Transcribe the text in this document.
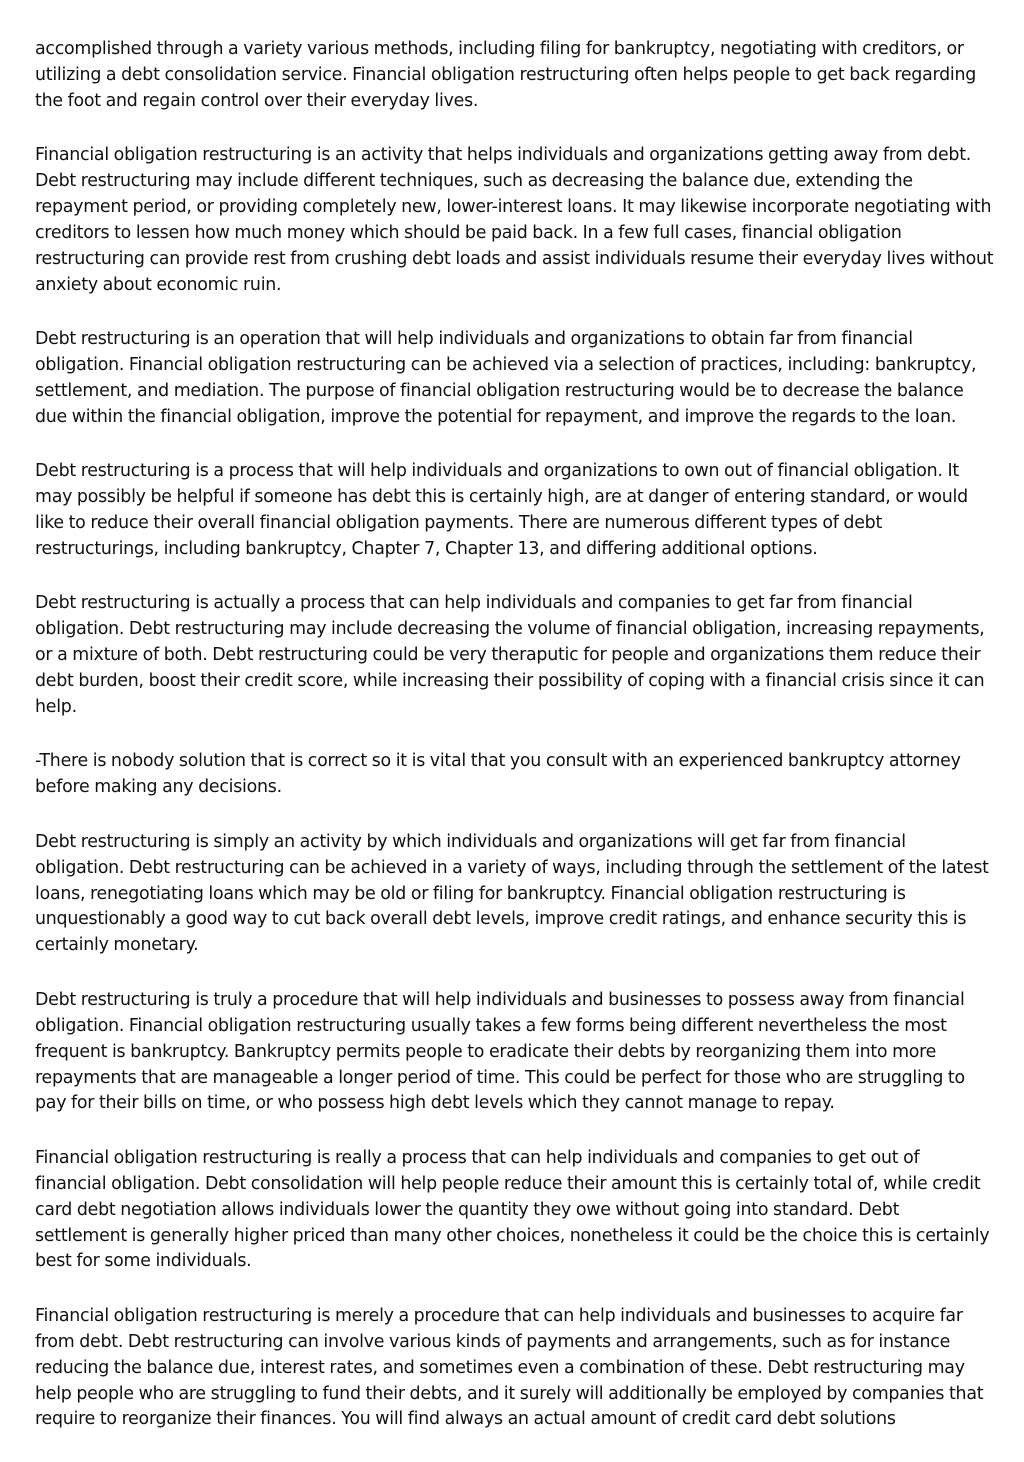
accomplished through a variety various methods, including filing for bankruptcy, negotiating with creditors, or utilizing a debt consolidation service. Financial obligation restructuring often helps people to get back regarding the foot and regain control over their everyday lives.

Financial obligation restructuring is an activity that helps individuals and organizations getting away from debt. Debt restructuring may include different techniques, such as decreasing the balance due, extending the repayment period, or providing completely new, lower-interest loans. It may likewise incorporate negotiating with creditors to lessen how much money which should be paid back. In a few full cases, financial obligation restructuring can provide rest from crushing debt loads and assist individuals resume their everyday lives without anxiety about economic ruin.

Debt restructuring is an operation that will help individuals and organizations to obtain far from financial obligation. Financial obligation restructuring can be achieved via a selection of practices, including: bankruptcy, settlement, and mediation. The purpose of financial obligation restructuring would be to decrease the balance due within the financial obligation, improve the potential for repayment, and improve the regards to the loan.

Debt restructuring is a process that will help individuals and organizations to own out of financial obligation. It may possibly be helpful if someone has debt this is certainly high, are at danger of entering standard, or would like to reduce their overall financial obligation payments. There are numerous different types of debt restructurings, including bankruptcy, Chapter 7, Chapter 13, and differing additional options.

Debt restructuring is actually a process that can help individuals and companies to get far from financial obligation. Debt restructuring may include decreasing the volume of financial obligation, increasing repayments, or a mixture of both. Debt restructuring could be very theraputic for people and organizations them reduce their debt burden, boost their credit score, while increasing their possibility of coping with a financial crisis since it can help.

-There is nobody solution that is correct so it is vital that you consult with an experienced bankruptcy attorney before making any decisions.

Debt restructuring is simply an activity by which individuals and organizations will get far from financial obligation. Debt restructuring can be achieved in a variety of ways, including through the settlement of the latest loans, renegotiating loans which may be old or filing for bankruptcy. Financial obligation restructuring is unquestionably a good way to cut back overall debt levels, improve credit ratings, and enhance security this is certainly monetary.

Debt restructuring is truly a procedure that will help individuals and businesses to possess away from financial obligation. Financial obligation restructuring usually takes a few forms being different nevertheless the most frequent is bankruptcy. Bankruptcy permits people to eradicate their debts by reorganizing them into more repayments that are manageable a longer period of time. This could be perfect for those who are struggling to pay for their bills on time, or who possess high debt levels which they cannot manage to repay.

Financial obligation restructuring is really a process that can help individuals and companies to get out of financial obligation. Debt consolidation will help people reduce their amount this is certainly total of, while credit card debt negotiation allows individuals lower the quantity they owe without going into standard. Debt settlement is generally higher priced than many other choices, nonetheless it could be the choice this is certainly best for some individuals.

Financial obligation restructuring is merely a procedure that can help individuals and businesses to acquire far from debt. Debt restructuring can involve various kinds of payments and arrangements, such as for instance reducing the balance due, interest rates, and sometimes even a combination of these. Debt restructuring may help people who are struggling to fund their debts, and it surely will additionally be employed by companies that require to reorganize their finances. You will find always an actual amount of credit card debt solutions
